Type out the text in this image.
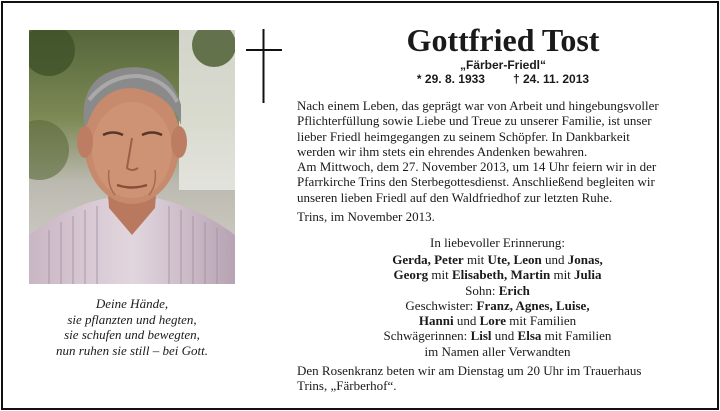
Deine Hände,
sie pflanzten und hegten,
sie schufen und bewegten,
nun ruhen sie still – bei Gott.
Gottfried Tost
„Färber-Friedl“
* 29. 8. 1933 † 24. 11. 2013
Nach einem Leben, das geprägt war von Arbeit und hingebungsvoller
Pflichterfüllung sowie Liebe und Treue zu unserer Familie, ist unser
lieber Friedl heimgegangen zu seinem Schöpfer. In Dankbarkeit
werden wir ihm stets ein ehrendes Andenken bewahren.
Am Mittwoch, dem 27. November 2013, um 14 Uhr feiern wir in der
Pfarrkirche Trins den Sterbegottesdienst. Anschließend begleiten wir
unseren lieben Friedl auf den Waldfriedhof zur letzten Ruhe.
Trins, im November 2013.
In liebevoller Erinnerung:
Gerda, Peter mit Ute, Leon und Jonas,
Georg mit Elisabeth, Martin mit Julia
Sohn: Erich
Geschwister: Franz, Agnes, Luise,
Hanni und Lore mit Familien
Schwägerinnen: Lisl und Elsa mit Familien
im Namen aller Verwandten
Den Rosenkranz beten wir am Dienstag um 20 Uhr im Trauerhaus
Trins, „Färberhof“.
